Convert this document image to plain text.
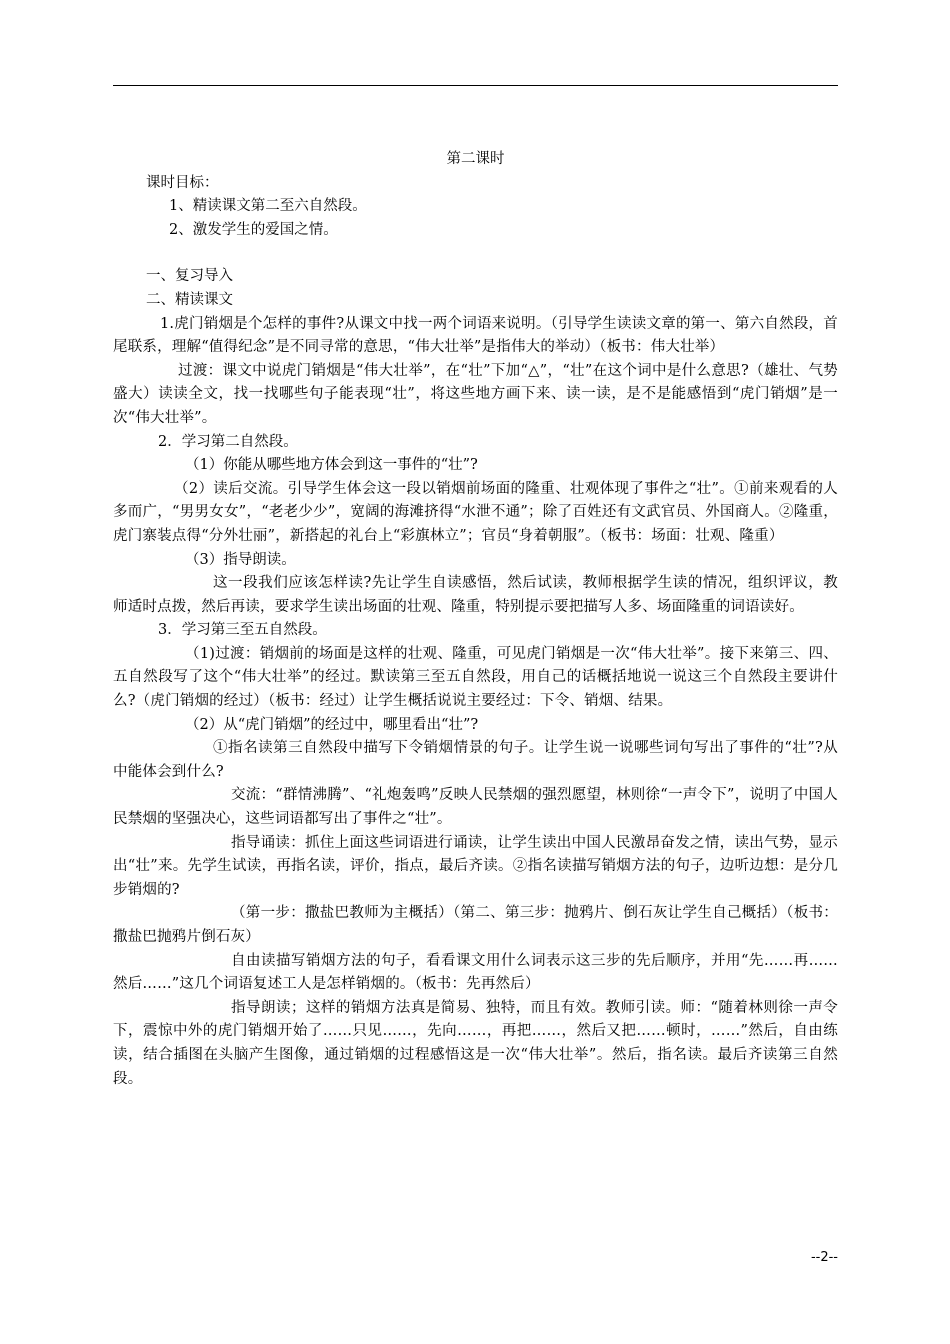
第二课时
课时目标：
1、精读课文第二至六自然段。
2、激发学生的爱国之情。
一、复习导入
二、精读课文
1.虎门销烟是个怎样的事件?从课文中找一两个词语来说明。（引导学生读读文章的第一、第六自然段，首尾联系，理解“值得纪念”是不同寻常的意思，“伟大壮举”是指伟大的举动）（板书：伟大壮举）
过渡：课文中说虎门销烟是“伟大壮举”，在“壮”下加“△”，“壮”在这个词中是什么意思?（雄壮、气势盛大）读读全文，找一找哪些句子能表现“壮”，将这些地方画下来、读一读，是不是能感悟到“虎门销烟”是一次“伟大壮举”。
2．学习第二自然段。
（1）你能从哪些地方体会到这一事件的“壮”?
（2）读后交流。引导学生体会这一段以销烟前场面的隆重、壮观体现了事件之“壮”。①前来观看的人多而广，“男男女女”，“老老少少”，宽阔的海滩挤得“水泄不通”；除了百姓还有文武官员、外国商人。②隆重，虎门寨装点得“分外壮丽”，新搭起的礼台上“彩旗林立”；官员“身着朝服”。（板书：场面：壮观、隆重）
（3）指导朗读。
这一段我们应该怎样读?先让学生自读感悟，然后试读，教师根据学生读的情况，组织评议，教师适时点拨，然后再读，要求学生读出场面的壮观、隆重，特别提示要把描写人多、场面隆重的词语读好。
3．学习第三至五自然段。
（1)过渡：销烟前的场面是这样的壮观、隆重，可见虎门销烟是一次“伟大壮举”。接下来第三、四、五自然段写了这个“伟大壮举”的经过。默读第三至五自然段，用自己的话概括地说一说这三个自然段主要讲什么?（虎门销烟的经过）（板书：经过）让学生概括说说主要经过：下令、销烟、结果。
（2）从“虎门销烟”的经过中，哪里看出“壮”?
①指名读第三自然段中描写下令销烟情景的句子。让学生说一说哪些词句写出了事件的“壮”?从中能体会到什么?
交流：“群情沸腾”、“礼炮轰鸣”反映人民禁烟的强烈愿望，林则徐“一声令下”，说明了中国人民禁烟的坚强决心，这些词语都写出了事件之“壮”。
指导诵读：抓住上面这些词语进行诵读，让学生读出中国人民激昂奋发之情，读出气势，显示出“壮”来。先学生试读，再指名读，评价，指点，最后齐读。②指名读描写销烟方法的句子，边听边想：是分几步销烟的?
（第一步：撒盐巴教师为主概括）（第二、第三步：抛鸦片、倒石灰让学生自己概括）（板书：撒盐巴抛鸦片倒石灰）
自由读描写销烟方法的句子，看看课文用什么词表示这三步的先后顺序，并用“先……再……然后……”这几个词语复述工人是怎样销烟的。（板书：先再然后）
指导朗读；这样的销烟方法真是简易、独特，而且有效。教师引读。师：“随着林则徐一声令下，震惊中外的虎门销烟开始了……只见……，先向……，再把……，然后又把……顿时，……”然后，自由练读，结合插图在头脑产生图像，通过销烟的过程感悟这是一次“伟大壮举”。然后，指名读。最后齐读第三自然段。
--2--
